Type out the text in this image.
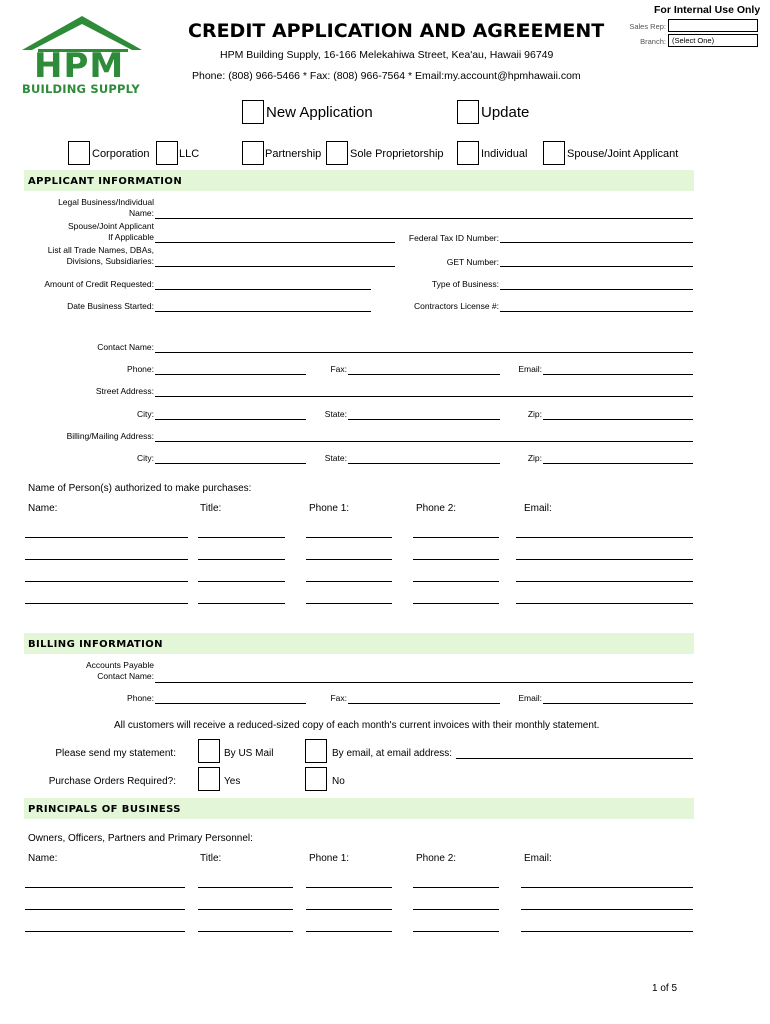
For Internal Use Only
Sales Rep:
Branch: (Select One)
HPM
BUILDING SUPPLY
CREDIT APPLICATION AND AGREEMENT
HPM Building Supply, 16-166 Melekahiwa Street, Kea'au, Hawaii 96749
Phone: (808) 966-5466 * Fax: (808) 966-7564 * Email:my.account@hpmhawaii.com
New Application	Update
Corporation	LLC	Partnership	Sole Proprietorship	Individual	Spouse/Joint Applicant
APPLICANT INFORMATION
Legal Business/Individual
Name:
Spouse/Joint Applicant
If Applicable	Federal Tax ID Number:
List all Trade Names, DBAs,
Divisions, Subsidiaries:	GET Number:
Amount of Credit Requested:	Type of Business:
Date Business Started:	Contractors License #:
Contact Name:
Phone:	Fax:	Email:
Street Address:
City:	State:	Zip:
Billing/Mailing Address:
City:	State:	Zip:
Name of Person(s) authorized to make purchases:
Name:	Title:	Phone 1:	Phone 2:	Email:
BILLING INFORMATION
Accounts Payable
Contact Name:
Phone:	Fax:	Email:
All customers will receive a reduced-sized copy of each month's current invoices with their monthly statement.
Please send my statement:	By US Mail	By email, at email address:
Purchase Orders Required?:	Yes	No
PRINCIPALS OF BUSINESS
Owners, Officers, Partners and Primary Personnel:
Name:	Title:	Phone 1:	Phone 2:	Email:
1 of 5
